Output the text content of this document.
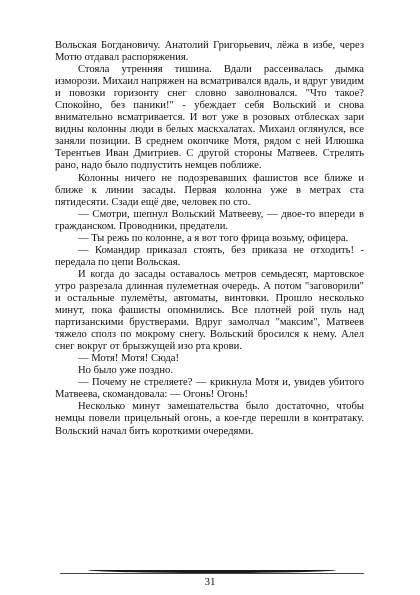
Вольская Богдановичу. Анатолий Григорьевич, лёжа в избе, через Мотю отдавал распоряжения.

Стояла утренняя тишина. Вдали рассеивалась дымка изморози. Михаил напряжен на всматривался вдаль, и вдруг увидим и повозки горизонту снег словно заволновался. "Что такое? Спокойно, без паники!" - убеждает себя Вольский и снова внимательно всматривается. И вот уже в розовых отблесках зари видны колонны люди в белых маскхалатах. Михаил оглянулся, все заняли позиции. В среднем окопчике Мотя, рядом с ней Илюшка Терентьев Иван Дмитриев. С другой стороны Матвеев. Стрелять рано, надо было подпустить немцев поближе.

Колонны ничего не подозревавших фашистов все ближе и ближе к линии засады. Первая колонна уже в метрах ста пятидесяти. Сзади ещё две, человек по сто.

— Смотри, шепнул Вольский Матвееву, — двое-то впереди в гражданском. Проводники, предатели.

— Ты режь по колонне, а я вот того фрица возьму, офицера.

— Командир приказал стоять, без приказа не отходить! - передала по цепи Вольская.

И когда до засады оставалось метров семьдесят, мартовское утро разрезала длинная пулеметная очередь. А потом "заговорили" и остальные пулемёты, автоматы, винтовки. Прошло несколько минут, пока фашисты опомнились. Все плотней рой пуль над партизанскими брустверами. Вдруг замолчал "максим", Матвеев тяжело сполз по мокрому снегу. Вольский бросился к нему. Алел снег вокруг от брызжущей изо рта крови.

— Мотя! Мотя! Сюда!

Но было уже поздно.

— Почему не стреляете? — крикнула Мотя и, увидев убитого Матвеева, скомандовала: — Огонь! Огонь!

Несколько минут замешательства было достаточно, чтобы немцы повели прицельный огонь, а кое-где перешли в контратаку. Вольский начал бить короткими очередями.

31
